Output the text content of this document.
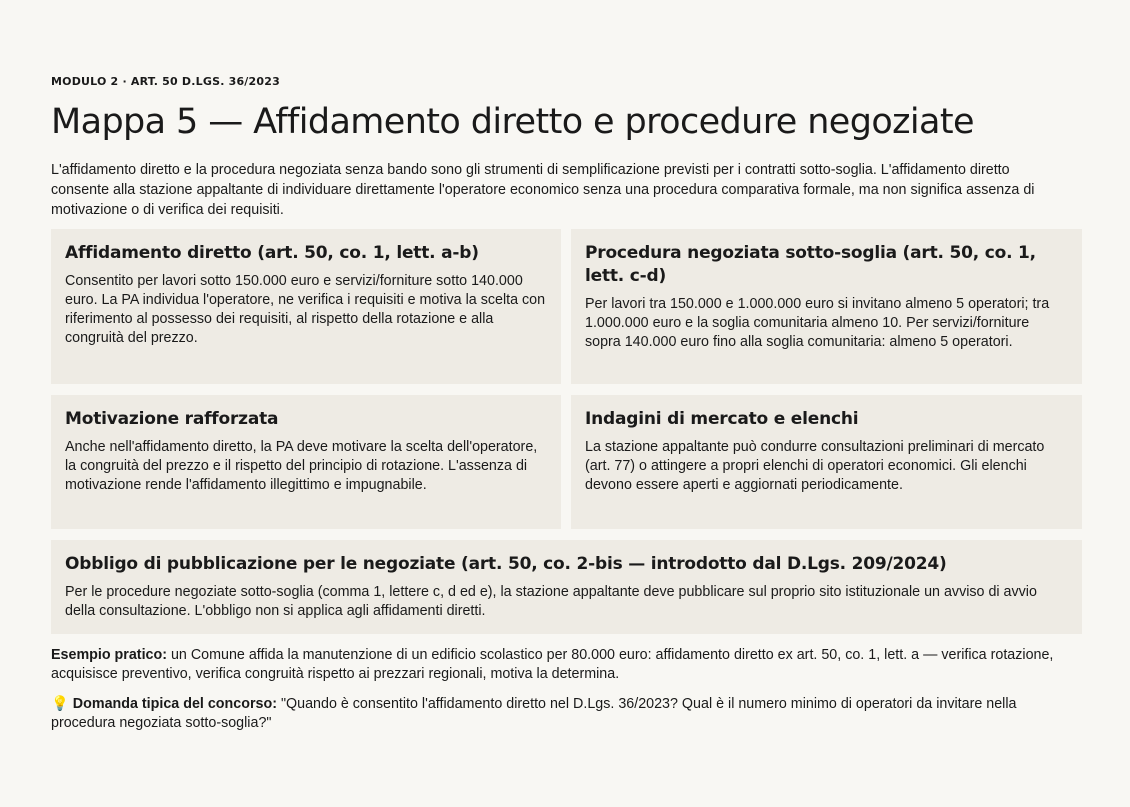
MODULO 2 · ART. 50 D.LGS. 36/2023
Mappa 5 — Affidamento diretto e procedure negoziate

L'affidamento diretto e la procedura negoziata senza bando sono gli strumenti di semplificazione previsti per i contratti sotto-soglia. L'affidamento diretto consente alla stazione appaltante di individuare direttamente l'operatore economico senza una procedura comparativa formale, ma non significa assenza di motivazione o di verifica dei requisiti.

Affidamento diretto (art. 50, co. 1, lett. a-b)

Consentito per lavori sotto 150.000 euro e servizi/forniture sotto 140.000 euro. La PA individua l'operatore, ne verifica i requisiti e motiva la scelta con riferimento al possesso dei requisiti, al rispetto della rotazione e alla congruità del prezzo.

Procedura negoziata sotto-soglia (art. 50, co. 1, lett. c-d)

Per lavori tra 150.000 e 1.000.000 euro si invitano almeno 5 operatori; tra 1.000.000 euro e la soglia comunitaria almeno 10. Per servizi/forniture sopra 140.000 euro fino alla soglia comunitaria: almeno 5 operatori.

Motivazione rafforzata

Anche nell'affidamento diretto, la PA deve motivare la scelta dell'operatore, la congruità del prezzo e il rispetto del principio di rotazione. L'assenza di motivazione rende l'affidamento illegittimo e impugnabile.

Indagini di mercato e elenchi

La stazione appaltante può condurre consultazioni preliminari di mercato (art. 77) o attingere a propri elenchi di operatori economici. Gli elenchi devono essere aperti e aggiornati periodicamente.

Obbligo di pubblicazione per le negoziate (art. 50, co. 2-bis — introdotto dal D.Lgs. 209/2024)

Per le procedure negoziate sotto-soglia (comma 1, lettere c, d ed e), la stazione appaltante deve pubblicare sul proprio sito istituzionale un avviso di avvio della consultazione. L'obbligo non si applica agli affidamenti diretti.

Esempio pratico: un Comune affida la manutenzione di un edificio scolastico per 80.000 euro: affidamento diretto ex art. 50, co. 1, lett. a — verifica rotazione, acquisisce preventivo, verifica congruità rispetto ai prezzari regionali, motiva la determina.

💡 Domanda tipica del concorso: "Quando è consentito l'affidamento diretto nel D.Lgs. 36/2023? Qual è il numero minimo di operatori da invitare nella procedura negoziata sotto-soglia?"
